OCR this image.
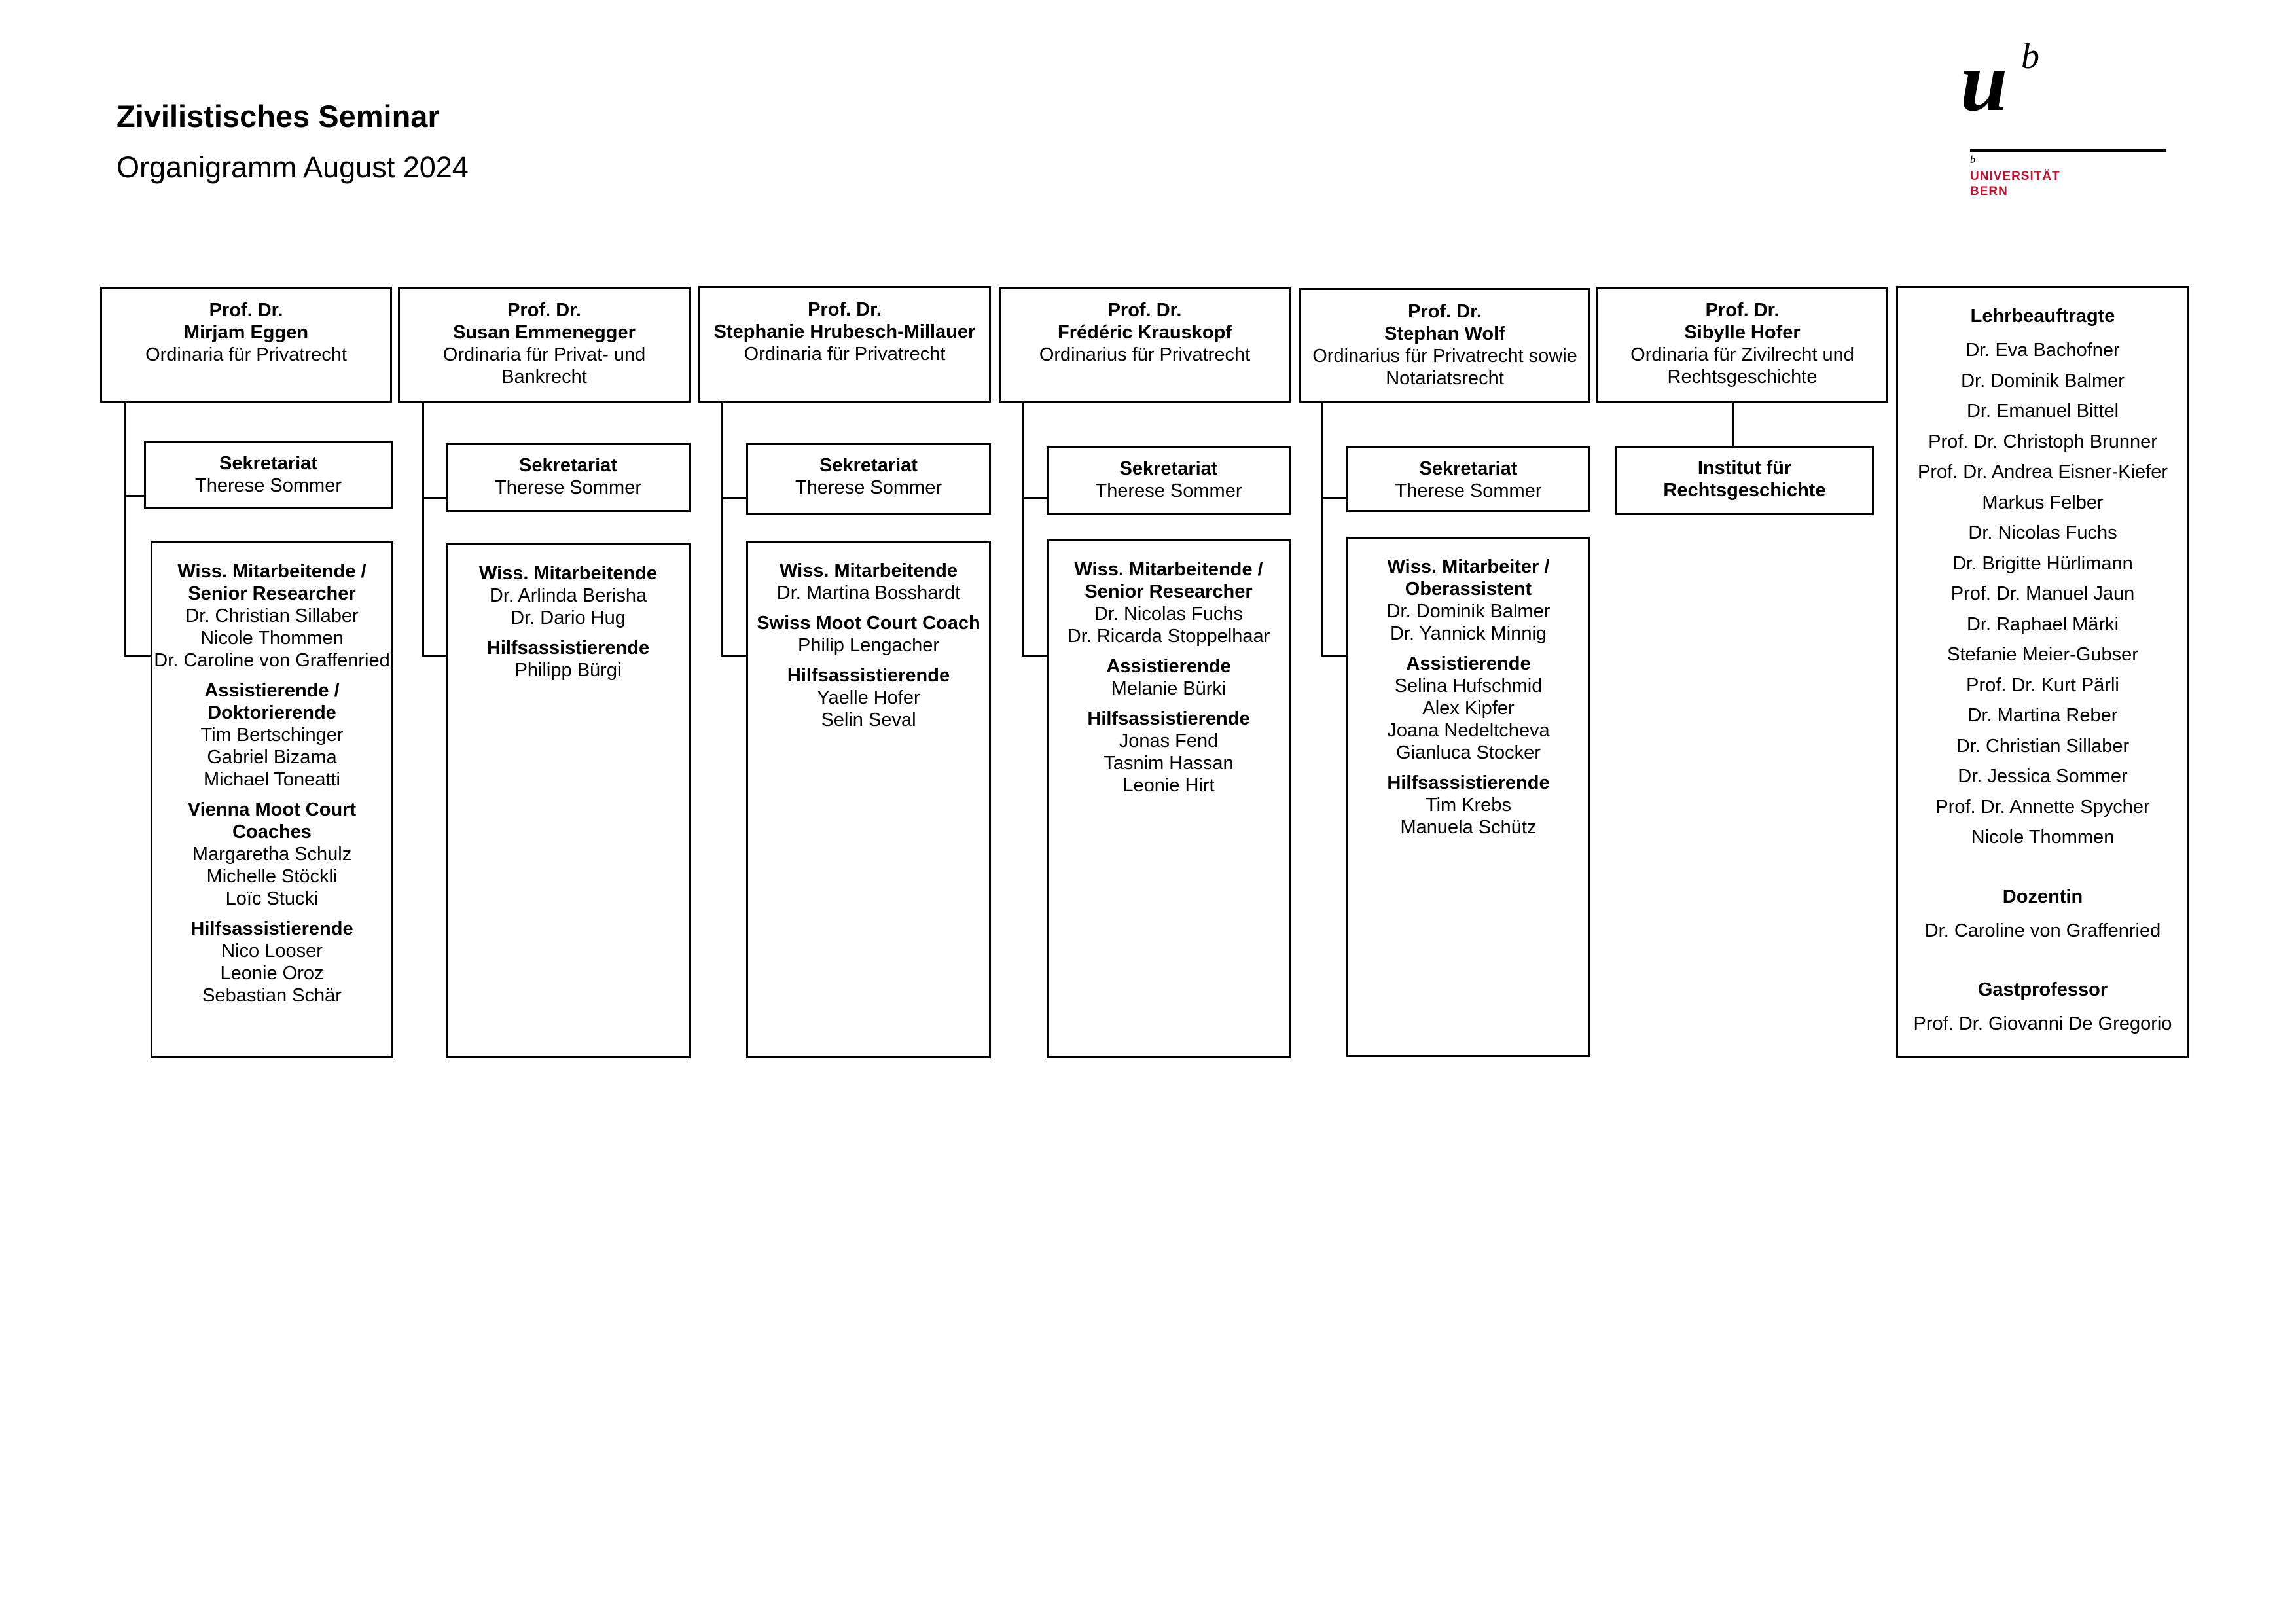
Zivilistisches Seminar
Organigramm August 2024
u b
b
UNIVERSITÄT
BERN
Prof. Dr.
Mirjam Eggen
Ordinaria für Privatrecht
Sekretariat
Therese Sommer
Wiss. Mitarbeitende / Senior Researcher
Dr. Christian Sillaber
Nicole Thommen
Dr. Caroline von Graffenried
Assistierende / Doktorierende
Tim Bertschinger
Gabriel Bizama
Michael Toneatti
Vienna Moot Court Coaches
Margaretha Schulz
Michelle Stöckli
Loïc Stucki
Hilfsassistierende
Nico Looser
Leonie Oroz
Sebastian Schär
Prof. Dr.
Susan Emmenegger
Ordinaria für Privat- und Bankrecht
Sekretariat
Therese Sommer
Wiss. Mitarbeitende
Dr. Arlinda Berisha
Dr. Dario Hug
Hilfsassistierende
Philipp Bürgi
Prof. Dr.
Stephanie Hrubesch-Millauer
Ordinaria für Privatrecht
Sekretariat
Therese Sommer
Wiss. Mitarbeitende
Dr. Martina Bosshardt
Swiss Moot Court Coach
Philip Lengacher
Hilfsassistierende
Yaelle Hofer
Selin Seval
Prof. Dr.
Frédéric Krauskopf
Ordinarius für Privatrecht
Sekretariat
Therese Sommer
Wiss. Mitarbeitende / Senior Researcher
Dr. Nicolas Fuchs
Dr. Ricarda Stoppelhaar
Assistierende
Melanie Bürki
Hilfsassistierende
Jonas Fend
Tasnim Hassan
Leonie Hirt
Prof. Dr.
Stephan Wolf
Ordinarius für Privatrecht sowie Notariatsrecht
Sekretariat
Therese Sommer
Wiss. Mitarbeiter / Oberassistent
Dr. Dominik Balmer
Dr. Yannick Minnig
Assistierende
Selina Hufschmid
Alex Kipfer
Joana Nedeltcheva
Gianluca Stocker
Hilfsassistierende
Tim Krebs
Manuela Schütz
Prof. Dr.
Sibylle Hofer
Ordinaria für Zivilrecht und Rechtsgeschichte
Institut für Rechtsgeschichte
Lehrbeauftragte
Dr. Eva Bachofner
Dr. Dominik Balmer
Dr. Emanuel Bittel
Prof. Dr. Christoph Brunner
Prof. Dr. Andrea Eisner-Kiefer
Markus Felber
Dr. Nicolas Fuchs
Dr. Brigitte Hürlimann
Prof. Dr. Manuel Jaun
Dr. Raphael Märki
Stefanie Meier-Gubser
Prof. Dr. Kurt Pärli
Dr. Martina Reber
Dr. Christian Sillaber
Dr. Jessica Sommer
Prof. Dr. Annette Spycher
Nicole Thommen
Dozentin
Dr. Caroline von Graffenried
Gastprofessor
Prof. Dr. Giovanni De Gregorio
